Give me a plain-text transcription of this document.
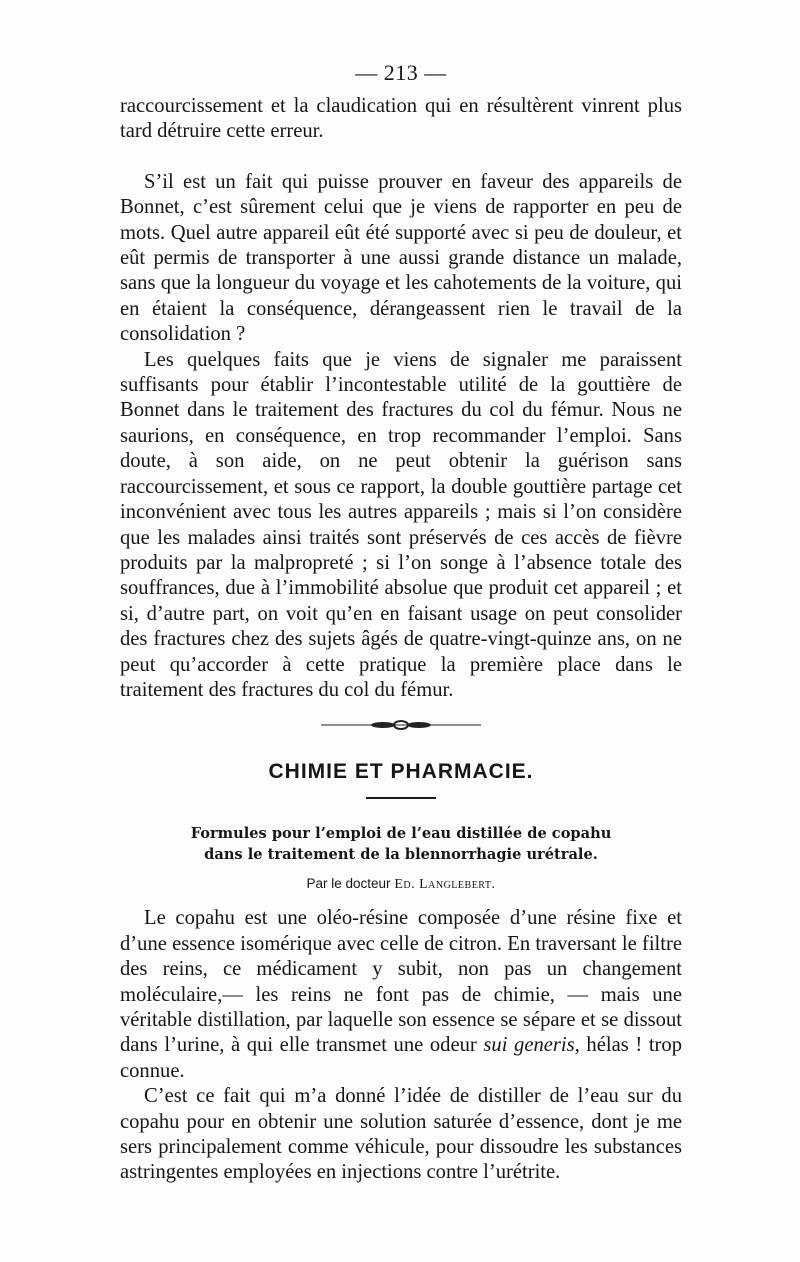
— 213 —

raccourcissement et la claudication qui en résultèrent vinrent plus tard détruire cette erreur.

S’il est un fait qui puisse prouver en faveur des appareils de Bonnet, c’est sûrement celui que je viens de rapporter en peu de mots. Quel autre appareil eût été supporté avec si peu de douleur, et eût permis de transporter à une aussi grande distance un malade, sans que la longueur du voyage et les cahotements de la voiture, qui en étaient la conséquence, dérangeassent rien le travail de la consolidation ?

Les quelques faits que je viens de signaler me paraissent suffisants pour établir l’incontestable utilité de la gouttière de Bonnet dans le traitement des fractures du col du fémur. Nous ne saurions, en conséquence, en trop recommander l’emploi. Sans doute, à son aide, on ne peut obtenir la guérison sans raccourcissement, et sous ce rapport, la double gouttière partage cet inconvénient avec tous les autres appareils ; mais si l’on considère que les malades ainsi traités sont préservés de ces accès de fièvre produits par la malpropreté ; si l’on songe à l’absence totale des souffrances, due à l’immobilité absolue que produit cet appareil ; et si, d’autre part, on voit qu’en en faisant usage on peut consolider des fractures chez des sujets âgés de quatre-vingt-quinze ans, on ne peut qu’accorder à cette pratique la première place dans le traitement des fractures du col du fémur.

CHIMIE ET PHARMACIE.
Formules pour l’emploi de l’eau distillée de copahu
dans le traitement de la blennorrhagie urétrale.
Par le docteur Ed. Langlebert.

Le copahu est une oléo-résine composée d’une résine fixe et d’une essence isomérique avec celle de citron. En traversant le filtre des reins, ce médicament y subit, non pas un changement moléculaire,— les reins ne font pas de chimie, — mais une véritable distillation, par laquelle son essence se sépare et se dissout dans l’urine, à qui elle transmet une odeur sui generis, hélas ! trop connue.

C’est ce fait qui m’a donné l’idée de distiller de l’eau sur du copahu pour en obtenir une solution saturée d’essence, dont je me sers principalement comme véhicule, pour dissoudre les substances astringentes employées en injections contre l’urétrite.
